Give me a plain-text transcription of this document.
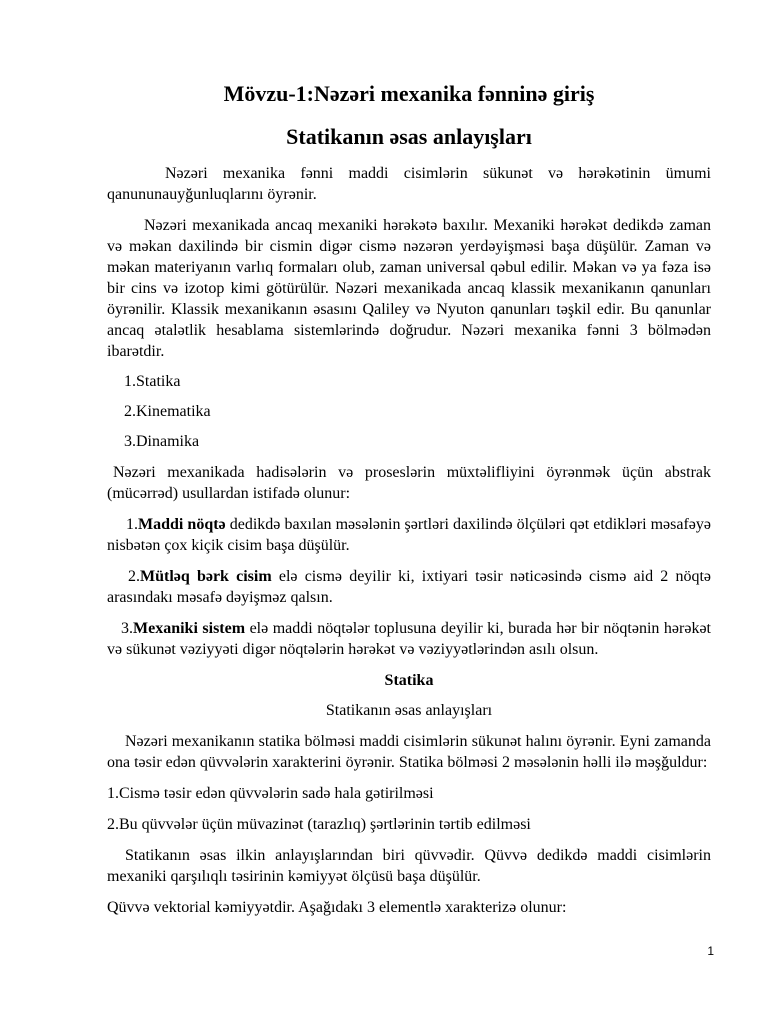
Mövzu-1:Nəzəri mexanika fənninə giriş
Statikanın əsas anlayışları

Nəzəri mexanika fənni maddi cisimlərin sükunət və hərəkətinin ümumi qanununauyğunluqlarını öyrənir.

Nəzəri mexanikada ancaq mexaniki hərəkətə baxılır. Mexaniki hərəkət dedikdə zaman və məkan daxilində bir cismin digər cismə nəzərən yerdəyişməsi başa düşülür. Zaman və məkan materiyanın varlıq formaları olub, zaman universal qəbul edilir. Məkan və ya fəza isə bir cins və izotop kimi götürülür. Nəzəri mexanikada ancaq klassik mexanikanın qanunları öyrənilir. Klassik mexanikanın əsasını Qaliley və Nyuton qanunları təşkil edir. Bu qanunlar ancaq ətalətlik hesablama sistemlərində doğrudur. Nəzəri mexanika fənni 3 bölmədən ibarətdir.

1.Statika

2.Kinematika

3.Dinamika

Nəzəri mexanikada hadisələrin və proseslərin müxtəlifliyini öyrənmək üçün abstrak (mücərrəd) usullardan istifadə olunur:

1.Maddi nöqtə dedikdə baxılan məsələnin şərtləri daxilində ölçüləri qət etdikləri məsafəyə nisbətən çox kiçik cisim başa düşülür.

2.Mütləq bərk cisim elə cismə deyilir ki, ixtiyari təsir nəticəsində cismə aid 2 nöqtə arasındakı məsafə dəyişməz qalsın.

3.Mexaniki sistem elə maddi nöqtələr toplusuna deyilir ki, burada hər bir nöqtənin hərəkət və sükunət vəziyyəti digər nöqtələrin hərəkət və vəziyyətlərindən asılı olsun.

Statika

Statikanın əsas anlayışları

Nəzəri mexanikanın statika bölməsi maddi cisimlərin sükunət halını öyrənir. Eyni zamanda ona təsir edən qüvvələrin xarakterini öyrənir. Statika bölməsi 2 məsələnin həlli ilə məşğuldur:

1.Cismə təsir edən qüvvələrin sadə hala gətirilməsi

2.Bu qüvvələr üçün müvazinət (tarazlıq) şərtlərinin tərtib edilməsi

Statikanın əsas ilkin anlayışlarından biri qüvvədir. Qüvvə dedikdə maddi cisimlərin mexaniki qarşılıqlı təsirinin kəmiyyət ölçüsü başa düşülür.

Qüvvə vektorial kəmiyyətdir. Aşağıdakı 3 elementlə xarakterizə olunur:

1
